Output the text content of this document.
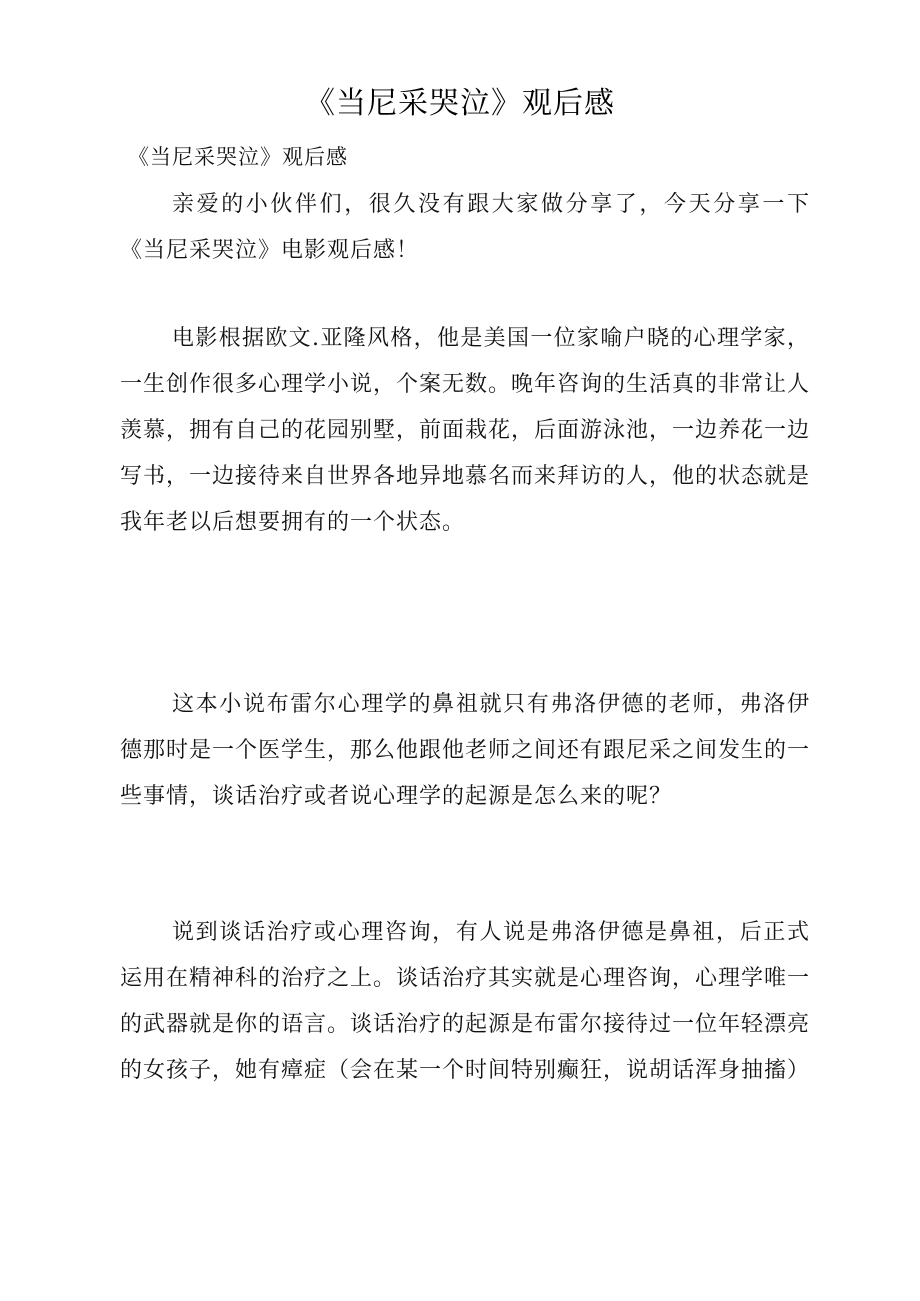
《当尼采哭泣》观后感

《当尼采哭泣》观后感

亲爱的小伙伴们，很久没有跟大家做分享了，今天分享一下《当尼采哭泣》电影观后感！

电影根据欧文.亚隆风格，他是美国一位家喻户晓的心理学家，一生创作很多心理学小说，个案无数。晚年咨询的生活真的非常让人羡慕，拥有自己的花园别墅，前面栽花，后面游泳池，一边养花一边写书，一边接待来自世界各地异地慕名而来拜访的人，他的状态就是我年老以后想要拥有的一个状态。

这本小说布雷尔心理学的鼻祖就只有弗洛伊德的老师，弗洛伊德那时是一个医学生，那么他跟他老师之间还有跟尼采之间发生的一些事情，谈话治疗或者说心理学的起源是怎么来的呢？

说到谈话治疗或心理咨询，有人说是弗洛伊德是鼻祖，后正式运用在精神科的治疗之上。谈话治疗其实就是心理咨询，心理学唯一的武器就是你的语言。谈话治疗的起源是布雷尔接待过一位年轻漂亮的女孩子，她有瘴症（会在某一个时间特别癫狂，说胡话浑身抽搐）
